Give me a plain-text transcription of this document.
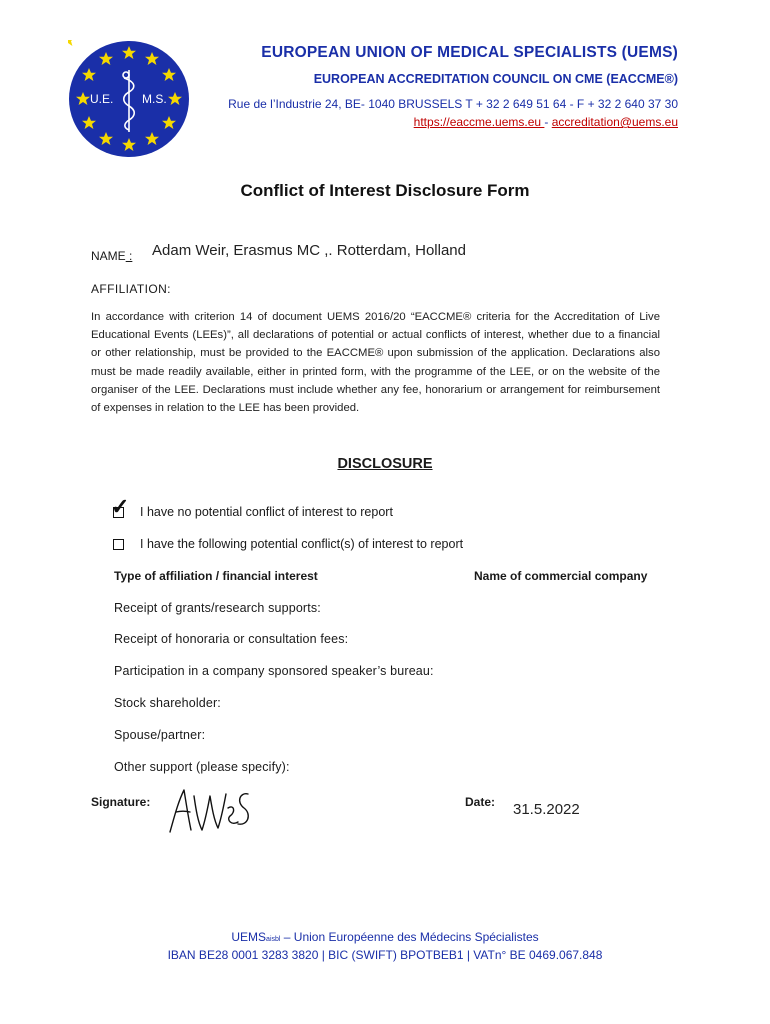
U.E. M.S.
EUROPEAN UNION OF MEDICAL SPECIALISTS (UEMS)
EUROPEAN ACCREDITATION COUNCIL ON CME (EACCME®)
Rue de l’Industrie 24, BE- 1040 BRUSSELS T + 32 2 649 51 64 - F + 32 2 640 37 30
https://eaccme.uems.eu - accreditation@uems.eu
Conflict of Interest Disclosure Form
NAME : Adam Weir, Erasmus MC ,. Rotterdam, Holland
AFFILIATION:
In accordance with criterion 14 of document UEMS 2016/20 “EACCME® criteria for the Accreditation of Live Educational Events (LEEs)”, all declarations of potential or actual conflicts of interest, whether due to a financial or other relationship, must be provided to the EACCME® upon submission of the application. Declarations also must be made readily available, either in printed form, with the programme of the LEE, or on the website of the organiser of the LEE. Declarations must include whether any fee, honorarium or arrangement for reimbursement of expenses in relation to the LEE has been provided.
DISCLOSURE
✓ I have no potential conflict of interest to report
I have the following potential conflict(s) of interest to report
Type of affiliation / financial interest	Name of commercial company
Receipt of grants/research supports:
Receipt of honoraria or consultation fees:
Participation in a company sponsored speaker’s bureau:
Stock shareholder:
Spouse/partner:
Other support (please specify):
Signature:	Date: 31.5.2022
UEMSaisbl – Union Européenne des Médecins Spécialistes
IBAN BE28 0001 3283 3820 | BIC (SWIFT) BPOTBEB1 | VATn° BE 0469.067.848
